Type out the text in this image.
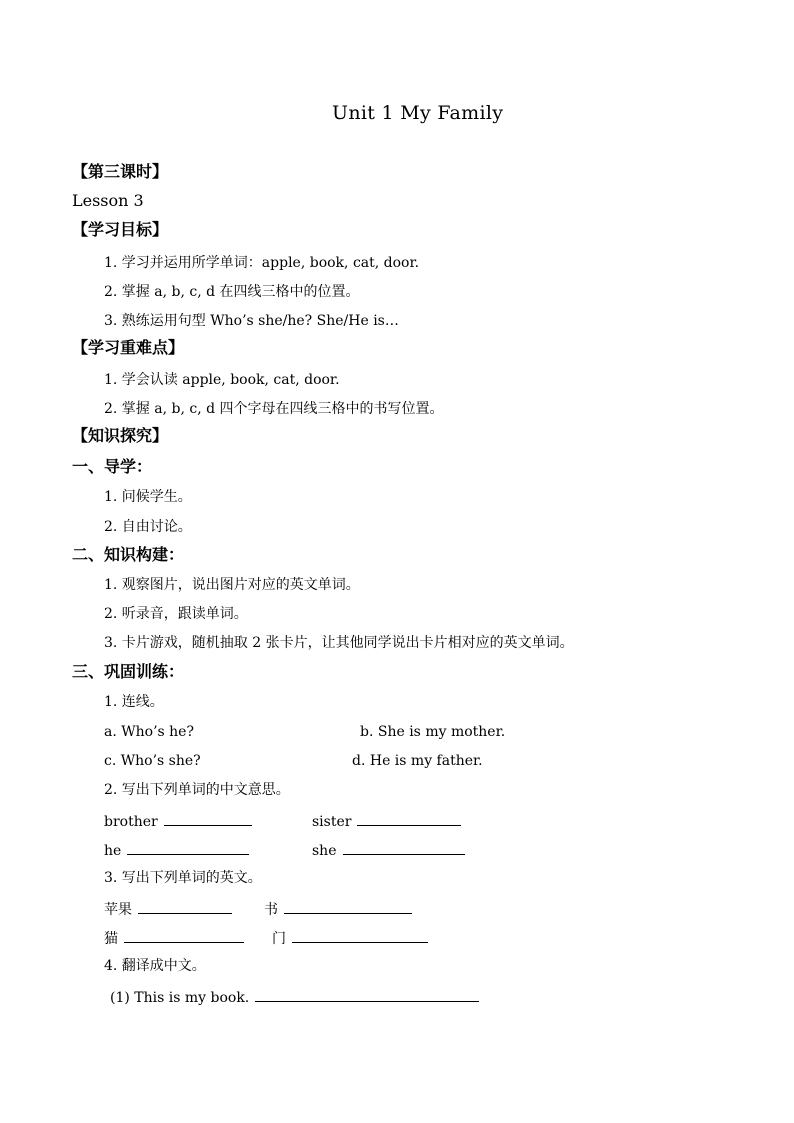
Unit 1 My Family
【第三课时】
Lesson 3
【学习目标】
1. 学习并运用所学单词：apple, book, cat, door.
2. 掌握 a, b, c, d 在四线三格中的位置。
3. 熟练运用句型 Who’s she/he? She/He is…
【学习重难点】
1. 学会认读 apple, book, cat, door.
2. 掌握 a, b, c, d 四个字母在四线三格中的书写位置。
【知识探究】
一、导学：
1. 问候学生。
2. 自由讨论。
二、知识构建：
1. 观察图片，说出图片对应的英文单词。
2. 听录音，跟读单词。
3. 卡片游戏，随机抽取 2 张卡片，让其他同学说出卡片相对应的英文单词。
三、巩固训练：
1. 连线。
a. Who’s he?	b. She is my mother.
c. Who’s she?	d. He is my father.
2. 写出下列单词的中文意思。
brother	sister
he	she
3. 写出下列单词的英文。
苹果	书
猫	门
4. 翻译成中文。
(1) This is my book.
